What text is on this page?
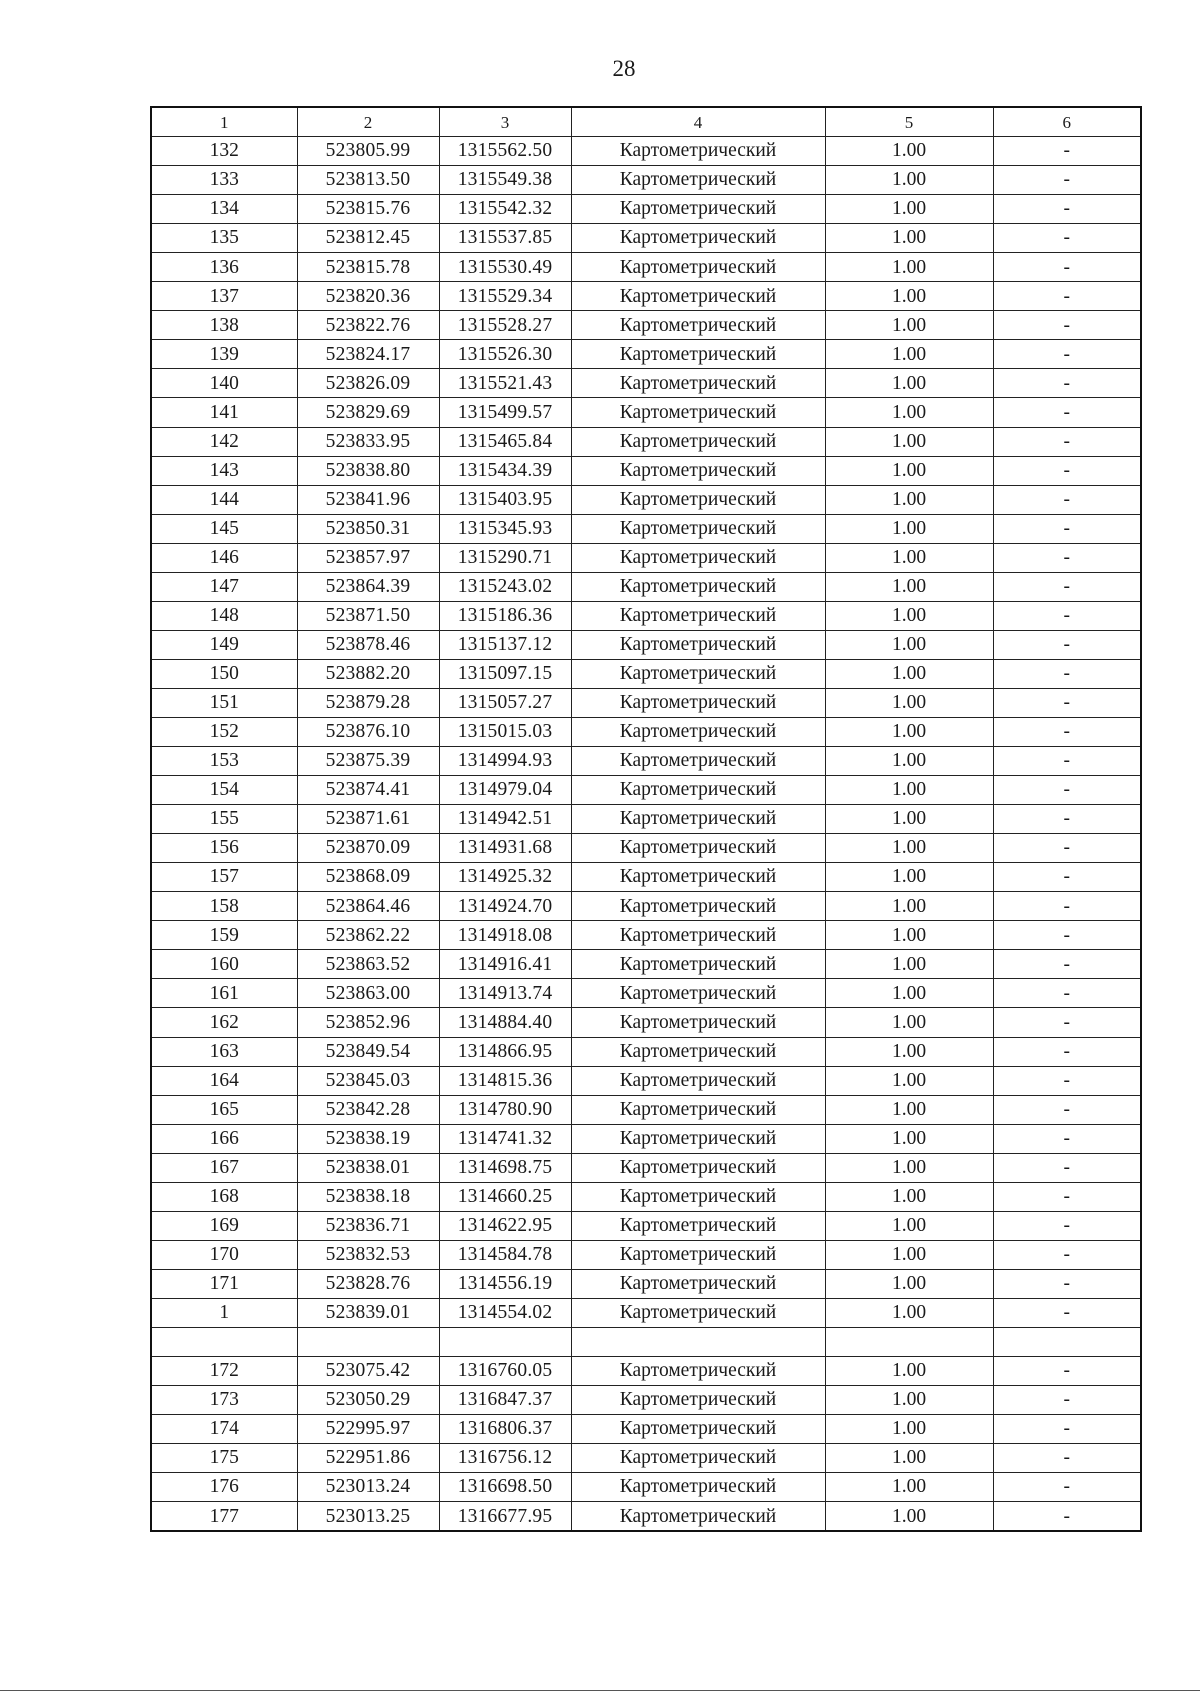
28
1	2	3	4	5	6
132	523805.99	1315562.50	Картометрический	1.00	-
133	523813.50	1315549.38	Картометрический	1.00	-
134	523815.76	1315542.32	Картометрический	1.00	-
135	523812.45	1315537.85	Картометрический	1.00	-
136	523815.78	1315530.49	Картометрический	1.00	-
137	523820.36	1315529.34	Картометрический	1.00	-
138	523822.76	1315528.27	Картометрический	1.00	-
139	523824.17	1315526.30	Картометрический	1.00	-
140	523826.09	1315521.43	Картометрический	1.00	-
141	523829.69	1315499.57	Картометрический	1.00	-
142	523833.95	1315465.84	Картометрический	1.00	-
143	523838.80	1315434.39	Картометрический	1.00	-
144	523841.96	1315403.95	Картометрический	1.00	-
145	523850.31	1315345.93	Картометрический	1.00	-
146	523857.97	1315290.71	Картометрический	1.00	-
147	523864.39	1315243.02	Картометрический	1.00	-
148	523871.50	1315186.36	Картометрический	1.00	-
149	523878.46	1315137.12	Картометрический	1.00	-
150	523882.20	1315097.15	Картометрический	1.00	-
151	523879.28	1315057.27	Картометрический	1.00	-
152	523876.10	1315015.03	Картометрический	1.00	-
153	523875.39	1314994.93	Картометрический	1.00	-
154	523874.41	1314979.04	Картометрический	1.00	-
155	523871.61	1314942.51	Картометрический	1.00	-
156	523870.09	1314931.68	Картометрический	1.00	-
157	523868.09	1314925.32	Картометрический	1.00	-
158	523864.46	1314924.70	Картометрический	1.00	-
159	523862.22	1314918.08	Картометрический	1.00	-
160	523863.52	1314916.41	Картометрический	1.00	-
161	523863.00	1314913.74	Картометрический	1.00	-
162	523852.96	1314884.40	Картометрический	1.00	-
163	523849.54	1314866.95	Картометрический	1.00	-
164	523845.03	1314815.36	Картометрический	1.00	-
165	523842.28	1314780.90	Картометрический	1.00	-
166	523838.19	1314741.32	Картометрический	1.00	-
167	523838.01	1314698.75	Картометрический	1.00	-
168	523838.18	1314660.25	Картометрический	1.00	-
169	523836.71	1314622.95	Картометрический	1.00	-
170	523832.53	1314584.78	Картометрический	1.00	-
171	523828.76	1314556.19	Картометрический	1.00	-
1	523839.01	1314554.02	Картометрический	1.00	-

172	523075.42	1316760.05	Картометрический	1.00	-
173	523050.29	1316847.37	Картометрический	1.00	-
174	522995.97	1316806.37	Картометрический	1.00	-
175	522951.86	1316756.12	Картометрический	1.00	-
176	523013.24	1316698.50	Картометрический	1.00	-
177	523013.25	1316677.95	Картометрический	1.00	-
